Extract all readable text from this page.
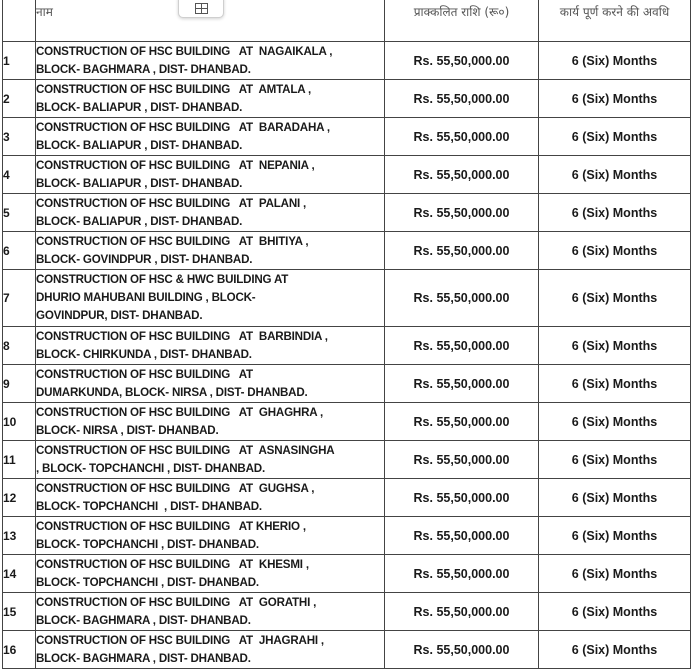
	नाम	प्राक्कलित राशि (रू०)	कार्य पूर्ण करने की अवधि
1	CONSTRUCTION OF HSC BUILDING   AT  NAGAIKALA ,
BLOCK- BAGHMARA , DIST- DHANBAD.	Rs. 55,50,000.00	6 (Six) Months
2	CONSTRUCTION OF HSC BUILDING   AT  AMTALA ,
BLOCK- BALIAPUR , DIST- DHANBAD.	Rs. 55,50,000.00	6 (Six) Months
3	CONSTRUCTION OF HSC BUILDING   AT  BARADAHA ,
BLOCK- BALIAPUR , DIST- DHANBAD.	Rs. 55,50,000.00	6 (Six) Months
4	CONSTRUCTION OF HSC BUILDING   AT  NEPANIA ,
BLOCK- BALIAPUR , DIST- DHANBAD.	Rs. 55,50,000.00	6 (Six) Months
5	CONSTRUCTION OF HSC BUILDING   AT  PALANI ,
BLOCK- BALIAPUR , DIST- DHANBAD.	Rs. 55,50,000.00	6 (Six) Months
6	CONSTRUCTION OF HSC BUILDING   AT  BHITIYA ,
BLOCK- GOVINDPUR , DIST- DHANBAD.	Rs. 55,50,000.00	6 (Six) Months
7	CONSTRUCTION OF HSC & HWC BUILDING AT
DHURIO MAHUBANI BUILDING , BLOCK-
GOVINDPUR, DIST- DHANBAD.	Rs. 55,50,000.00	6 (Six) Months
8	CONSTRUCTION OF HSC BUILDING   AT  BARBINDIA ,
BLOCK- CHIRKUNDA , DIST- DHANBAD.	Rs. 55,50,000.00	6 (Six) Months
9	CONSTRUCTION OF HSC BUILDING   AT
DUMARKUNDA, BLOCK- NIRSA , DIST- DHANBAD.	Rs. 55,50,000.00	6 (Six) Months
10	CONSTRUCTION OF HSC BUILDING   AT  GHAGHRA ,
BLOCK- NIRSA , DIST- DHANBAD.	Rs. 55,50,000.00	6 (Six) Months
11	CONSTRUCTION OF HSC BUILDING   AT  ASNASINGHA
, BLOCK- TOPCHANCHI , DIST- DHANBAD.	Rs. 55,50,000.00	6 (Six) Months
12	CONSTRUCTION OF HSC BUILDING   AT  GUGHSA ,
BLOCK- TOPCHANCHI  , DIST- DHANBAD.	Rs. 55,50,000.00	6 (Six) Months
13	CONSTRUCTION OF HSC BUILDING   AT KHERIO ,
BLOCK- TOPCHANCHI , DIST- DHANBAD.	Rs. 55,50,000.00	6 (Six) Months
14	CONSTRUCTION OF HSC BUILDING   AT  KHESMI ,
BLOCK- TOPCHANCHI , DIST- DHANBAD.	Rs. 55,50,000.00	6 (Six) Months
15	CONSTRUCTION OF HSC BUILDING   AT  GORATHI ,
BLOCK- BAGHMARA , DIST- DHANBAD.	Rs. 55,50,000.00	6 (Six) Months
16	CONSTRUCTION OF HSC BUILDING   AT  JHAGRAHI ,
BLOCK- BAGHMARA , DIST- DHANBAD.	Rs. 55,50,000.00	6 (Six) Months
